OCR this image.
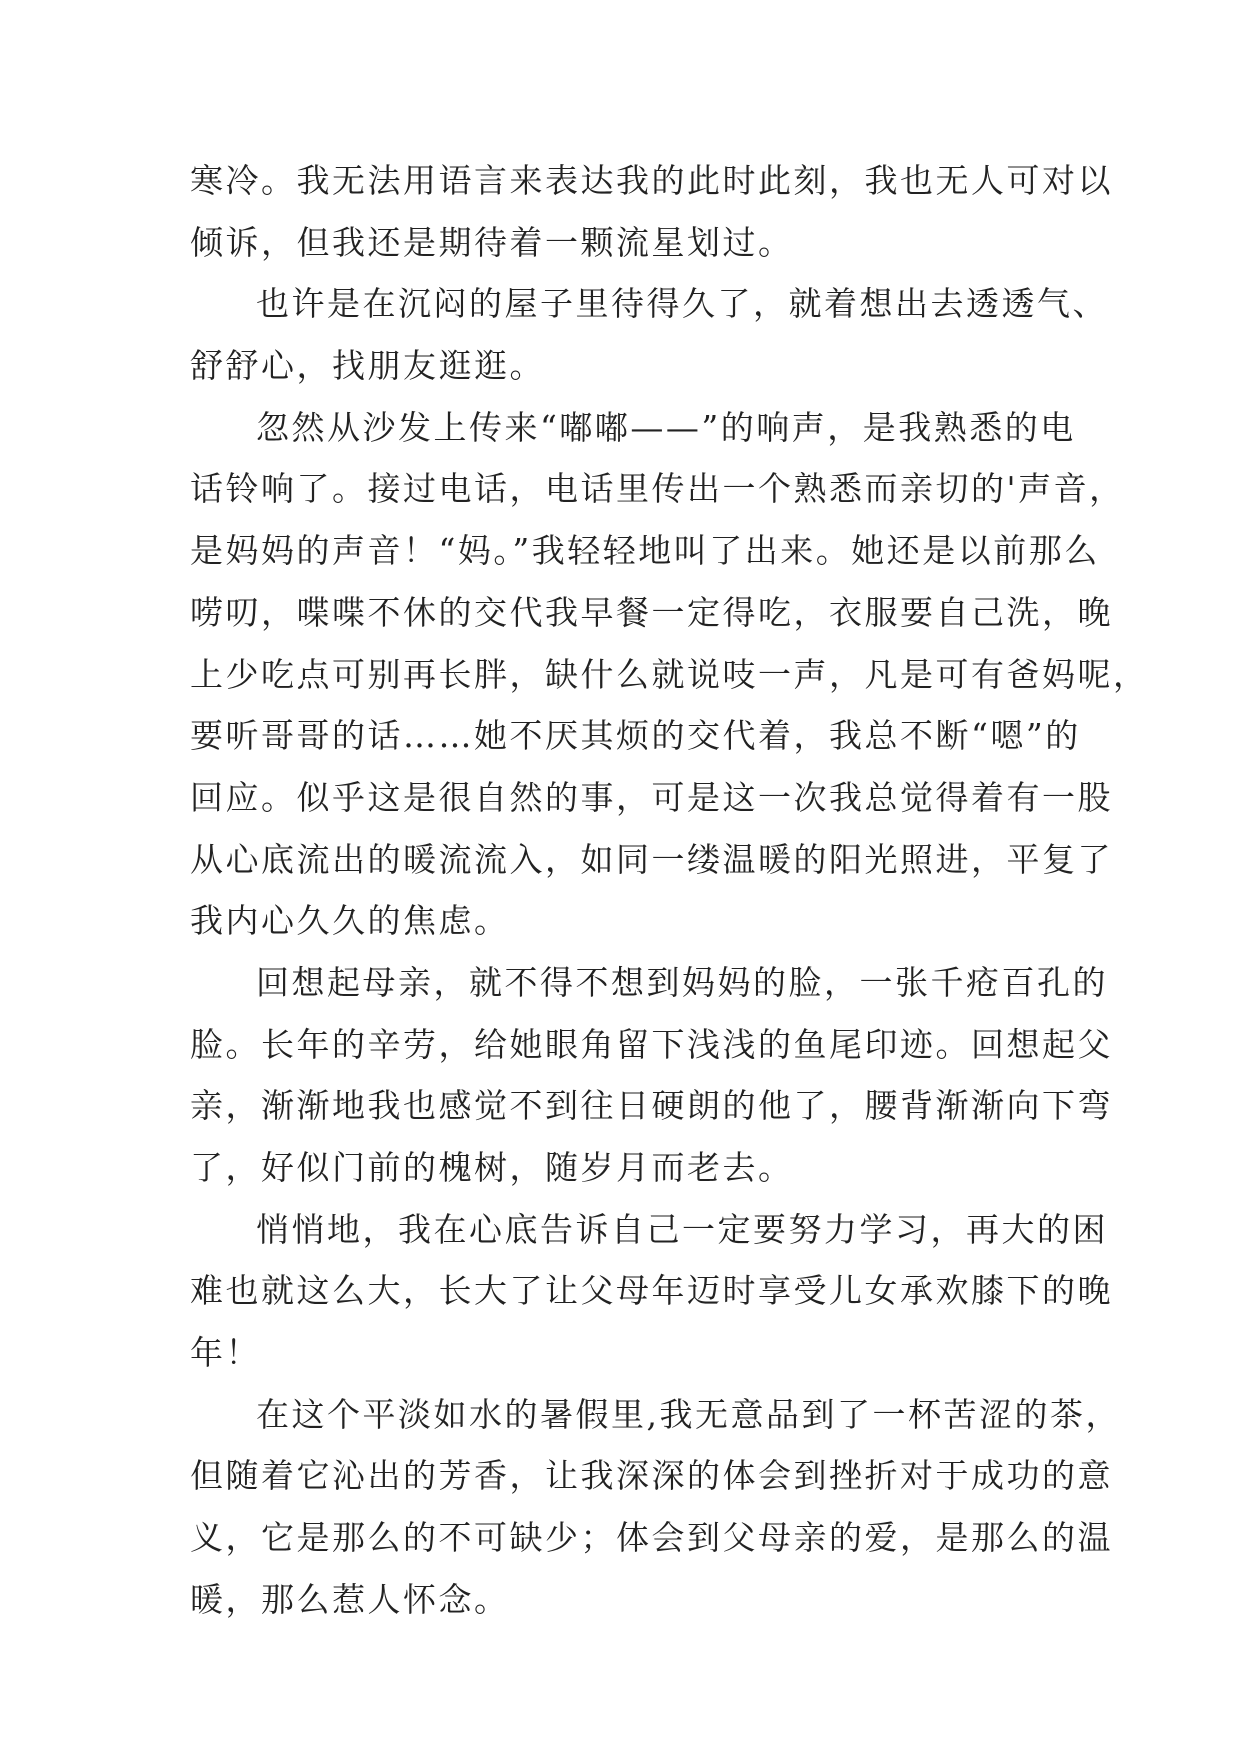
寒冷。我无法用语言来表达我的此时此刻，我也无人可对以
倾诉，但我还是期待着一颗流星划过。
也许是在沉闷的屋子里待得久了，就着想出去透透气、
舒舒心，找朋友逛逛。
忽然从沙发上传来“嘟嘟——”的响声，是我熟悉的电
话铃响了。接过电话，电话里传出一个熟悉而亲切的'声音，
是妈妈的声音！“妈。”我轻轻地叫了出来。她还是以前那么
唠叨，喋喋不休的交代我早餐一定得吃，衣服要自己洗，晚
上少吃点可别再长胖，缺什么就说吱一声，凡是可有爸妈呢，
要听哥哥的话……她不厌其烦的交代着，我总不断“嗯”的
回应。似乎这是很自然的事，可是这一次我总觉得着有一股
从心底流出的暖流流入，如同一缕温暖的阳光照进，平复了
我内心久久的焦虑。
回想起母亲，就不得不想到妈妈的脸，一张千疮百孔的
脸。长年的辛劳，给她眼角留下浅浅的鱼尾印迹。回想起父
亲，渐渐地我也感觉不到往日硬朗的他了，腰背渐渐向下弯
了，好似门前的槐树，随岁月而老去。
悄悄地，我在心底告诉自己一定要努力学习，再大的困
难也就这么大，长大了让父母年迈时享受儿女承欢膝下的晚
年！
在这个平淡如水的暑假里,我无意品到了一杯苦涩的茶，
但随着它沁出的芳香，让我深深的体会到挫折对于成功的意
义，它是那么的不可缺少；体会到父母亲的爱，是那么的温
暖，那么惹人怀念。
